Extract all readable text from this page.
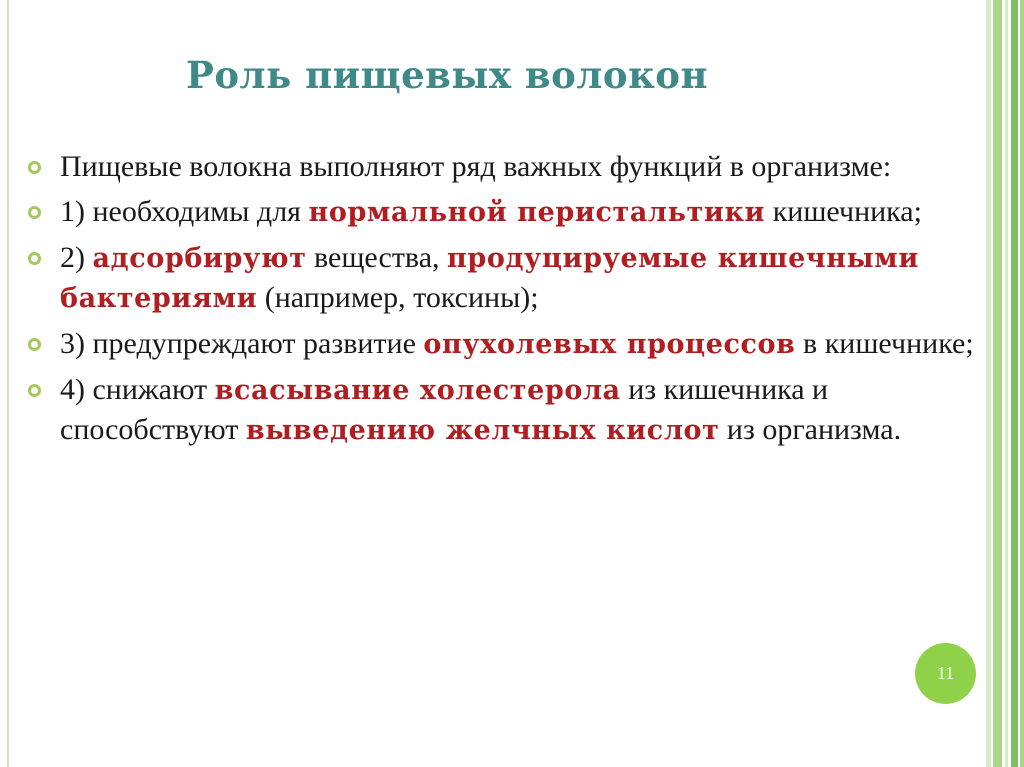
Роль пищевых волокон
Пищевые волокна выполняют ряд важных функций в организме:
1) необходимы для нормальной перистальтики кишечника;
2) адсорбируют вещества, продуцируемые кишечными бактериями (например, токсины);
3) предупреждают развитие опухолевых процессов в кишечнике;
4) снижают всасывание холестерола из кишечника и способствуют выведению желчных кислот из организма.
11
